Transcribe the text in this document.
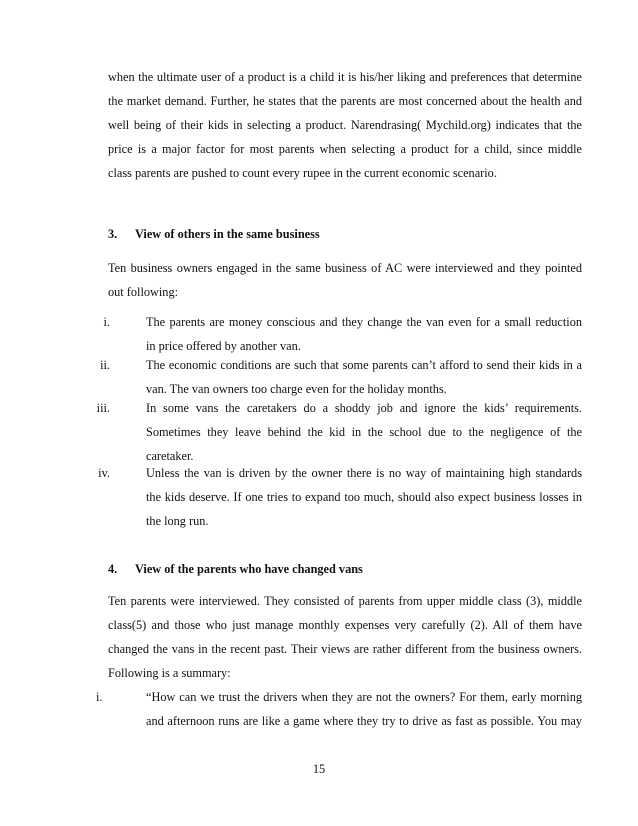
when the ultimate user of a product is a child it is his/her liking and preferences that determine
the market demand. Further, he states that the parents are most concerned about the health and
well being of their kids in selecting a product. Narendrasing( Mychild.org) indicates that the
price is a major factor for most parents when selecting a product for a child, since middle
class parents are pushed to count every rupee in the current economic scenario.
3. View of others in the same business
Ten business owners engaged in the same business of AC were interviewed and they pointed
out following:
i.	The parents are money conscious and they change the van even for a small reduction
in price offered by another van.
ii.	The economic conditions are such that some parents can’t afford to send their kids in a
van. The van owners too charge even for the holiday months.
iii.	In some vans the caretakers do a shoddy job and ignore the kids’ requirements.
Sometimes they leave behind the kid in the school due to the negligence of the
caretaker.
iv.	Unless the van is driven by the owner there is no way of maintaining high standards
the kids deserve. If one tries to expand too much, should also expect business losses in
the long run.
4. View of the parents who have changed vans
Ten parents were interviewed. They consisted of parents from upper middle class (3), middle
class(5) and those who just manage monthly expenses very carefully (2). All of them have
changed the vans in the recent past. Their views are rather different from the business owners.
Following is a summary:
i.	“How can we trust the drivers when they are not the owners? For them, early morning
and afternoon runs are like a game where they try to drive as fast as possible. You may
15
